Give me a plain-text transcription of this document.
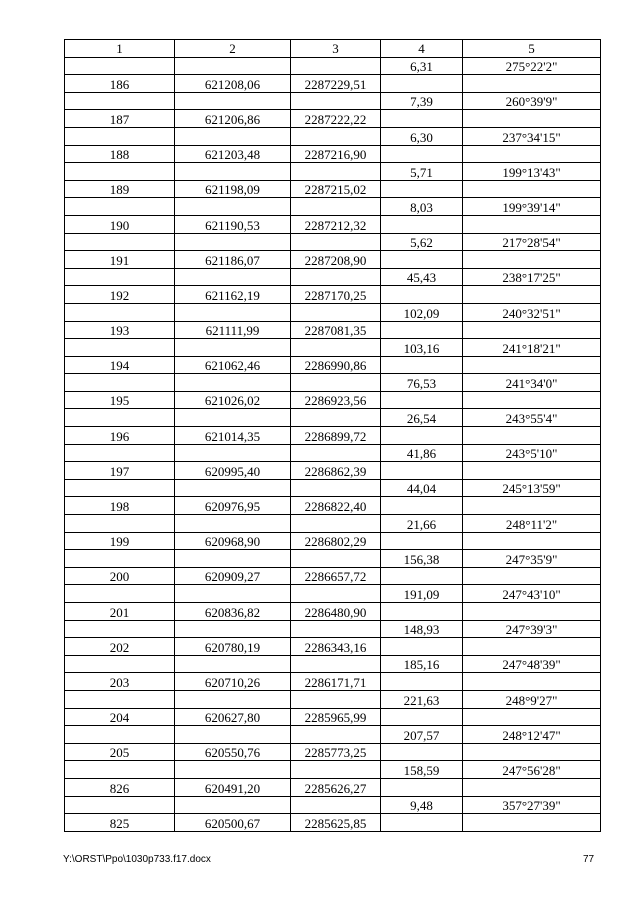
1	2	3	4	5
			6,31	275°22'2"
186	621208,06	2287229,51		
			7,39	260°39'9"
187	621206,86	2287222,22		
			6,30	237°34'15"
188	621203,48	2287216,90		
			5,71	199°13'43"
189	621198,09	2287215,02		
			8,03	199°39'14"
190	621190,53	2287212,32		
			5,62	217°28'54"
191	621186,07	2287208,90		
			45,43	238°17'25"
192	621162,19	2287170,25		
			102,09	240°32'51"
193	621111,99	2287081,35		
			103,16	241°18'21"
194	621062,46	2286990,86		
			76,53	241°34'0"
195	621026,02	2286923,56		
			26,54	243°55'4"
196	621014,35	2286899,72		
			41,86	243°5'10"
197	620995,40	2286862,39		
			44,04	245°13'59"
198	620976,95	2286822,40		
			21,66	248°11'2"
199	620968,90	2286802,29		
			156,38	247°35'9"
200	620909,27	2286657,72		
			191,09	247°43'10"
201	620836,82	2286480,90		
			148,93	247°39'3"
202	620780,19	2286343,16		
			185,16	247°48'39"
203	620710,26	2286171,71		
			221,63	248°9'27"
204	620627,80	2285965,99		
			207,57	248°12'47"
205	620550,76	2285773,25		
			158,59	247°56'28"
826	620491,20	2285626,27		
			9,48	357°27'39"
825	620500,67	2285625,85		
Y:\ORST\Ppo\1030p733.f17.docx	77
